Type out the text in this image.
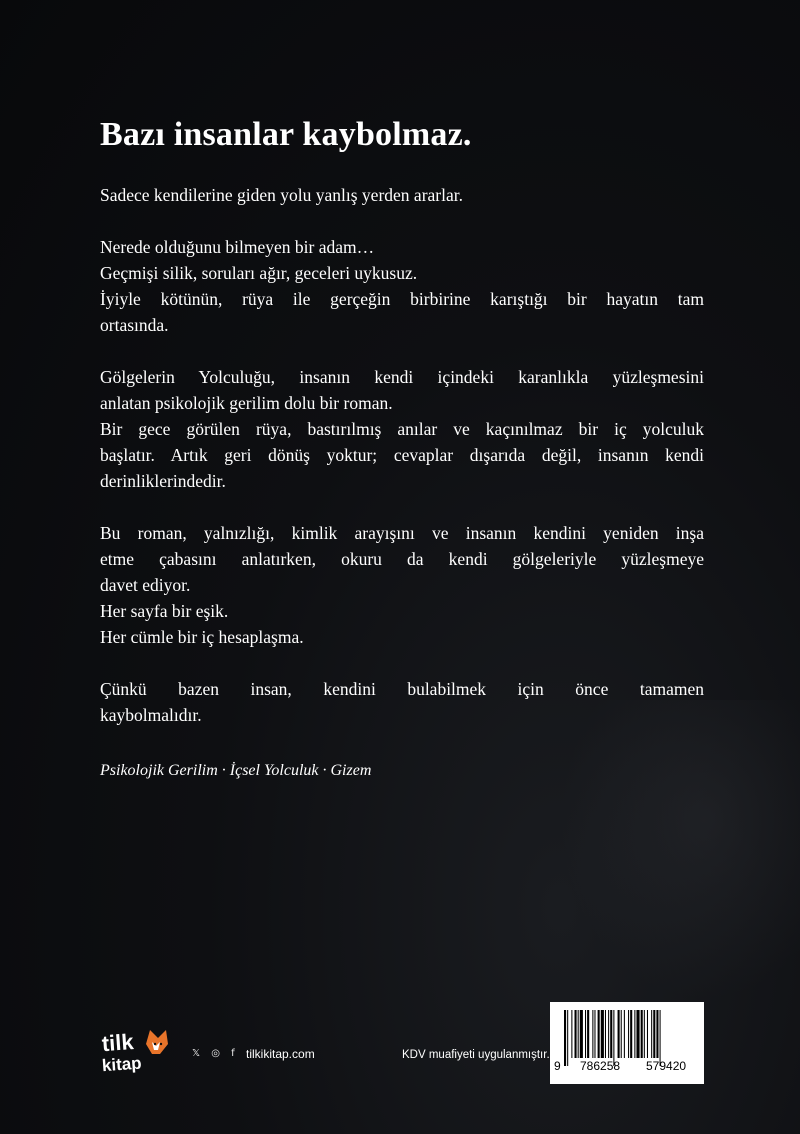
Bazı insanlar kaybolmaz.

Sadece kendilerine giden yolu yanlış yerden ararlar.

Nerede olduğunu bilmeyen bir adam…
Geçmişi silik, soruları ağır, geceleri uykusuz.
İyiyle kötünün, rüya ile gerçeğin birbirine karıştığı bir hayatın tam
ortasında.

Gölgelerin Yolculuğu, insanın kendi içindeki karanlıkla yüzleşmesini
anlatan psikolojik gerilim dolu bir roman.
Bir gece görülen rüya, bastırılmış anılar ve kaçınılmaz bir iç yolculuk
başlatır. Artık geri dönüş yoktur; cevaplar dışarıda değil, insanın kendi
derinliklerindedir.

Bu roman, yalnızlığı, kimlik arayışını ve insanın kendini yeniden inşa
etme çabasını anlatırken, okuru da kendi gölgeleriyle yüzleşmeye
davet ediyor.
Her sayfa bir eşik.
Her cümle bir iç hesaplaşma.

Çünkü bazen insan, kendini bulabilmek için önce tamamen
kaybolmalıdır.

Psikolojik Gerilim · İçsel Yolculuk · Gizem

tilk
kitap
𝕏 ◎ f tilkikitap.com	KDV muafiyeti uygulanmıştır.
9 786258 579420
